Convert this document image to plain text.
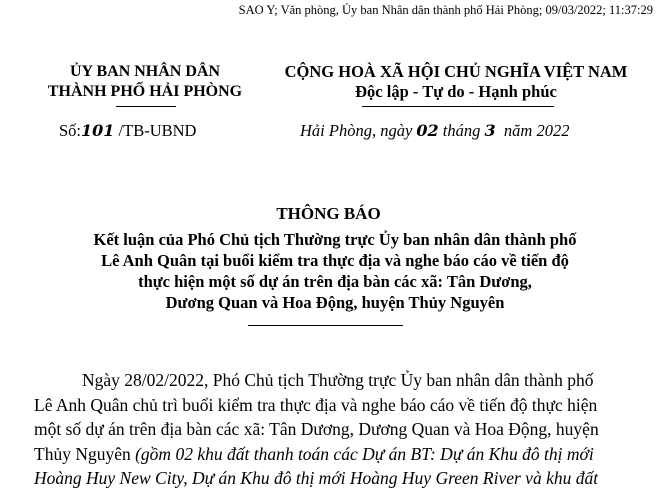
SAO Y; Văn phòng, Ủy ban Nhân dân thành phố Hải Phòng; 09/03/2022; 11:37:29
ỦY BAN NHÂN DÂN
THÀNH PHỐ HẢI PHÒNG
CỘNG HOÀ XÃ HỘI CHỦ NGHĨA VIỆT NAM
Độc lập - Tự do - Hạnh phúc
Số:101 /TB-UBND	Hải Phòng, ngày 02 tháng 3 năm 2022
THÔNG BÁO
Kết luận của Phó Chủ tịch Thường trực Ủy ban nhân dân thành phố
Lê Anh Quân tại buổi kiểm tra thực địa và nghe báo cáo về tiến độ
thực hiện một số dự án trên địa bàn các xã: Tân Dương,
Dương Quan và Hoa Động, huyện Thủy Nguyên
Ngày 28/02/2022, Phó Chủ tịch Thường trực Ủy ban nhân dân thành phố
Lê Anh Quân chủ trì buổi kiểm tra thực địa và nghe báo cáo về tiến độ thực hiện
một số dự án trên địa bàn các xã: Tân Dương, Dương Quan và Hoa Động, huyện
Thủy Nguyên (gồm 02 khu đất thanh toán các Dự án BT: Dự án Khu đô thị mới
Hoàng Huy New City, Dự án Khu đô thị mới Hoàng Huy Green River và khu đất
